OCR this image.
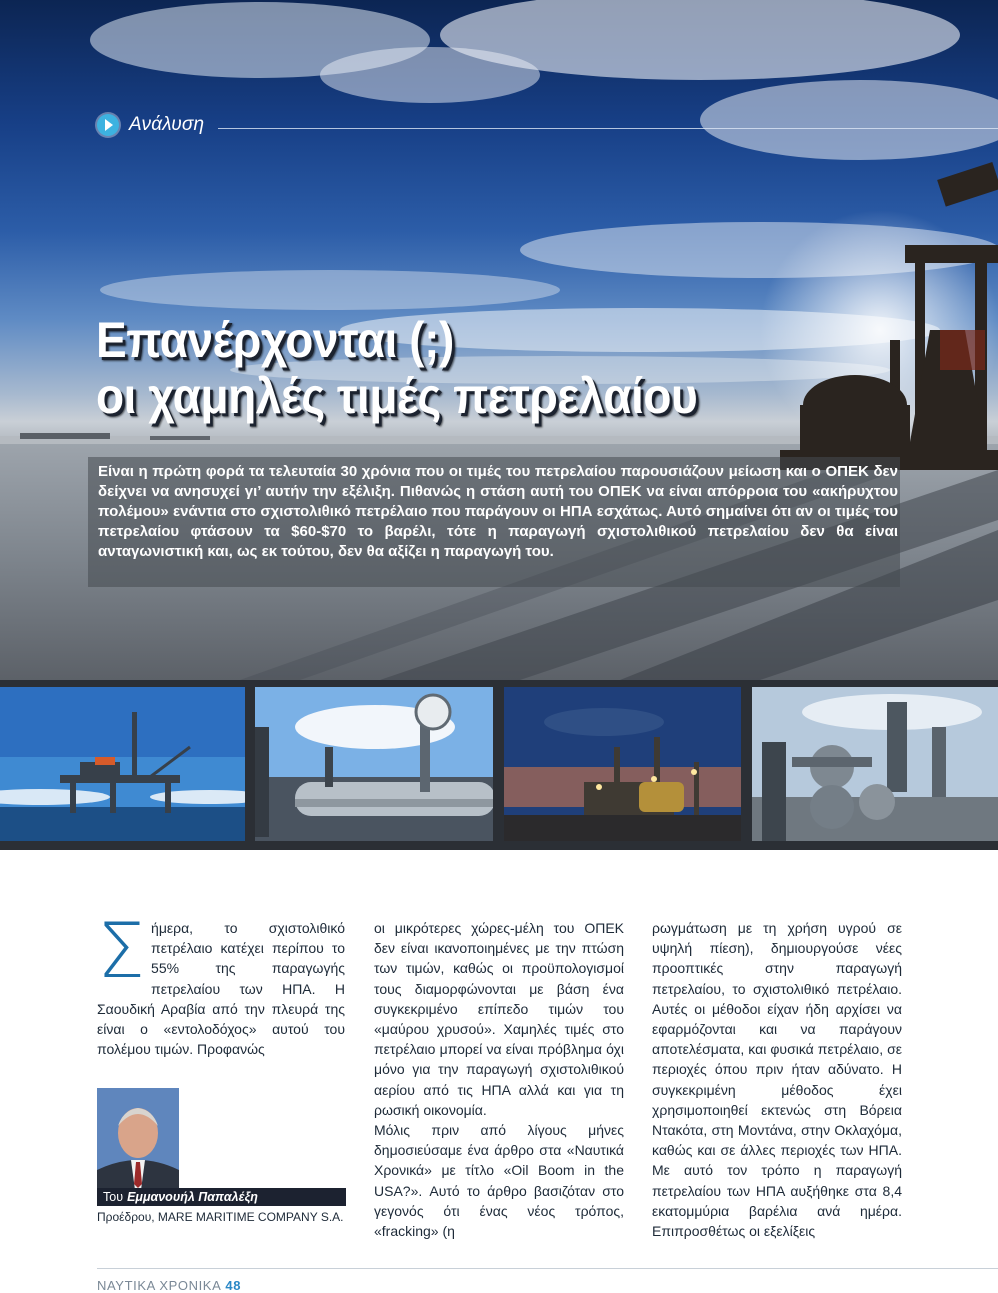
Ανάλυση
Επανέρχονται (;)
οι χαμηλές τιμές πετρελαίου

Είναι η πρώτη φορά τα τελευταία 30 χρόνια που οι τιμές του πετρελαίου παρουσιάζουν μείωση και ο ΟΠΕΚ δεν δείχνει να ανησυχεί γι’ αυτήν την εξέλιξη. Πιθανώς η στάση αυτή του ΟΠΕΚ να είναι απόρροια του «ακήρυχτου πολέμου» ενάντια στο σχιστολιθικό πετρέλαιο που παράγουν οι ΗΠΑ εσχάτως. Αυτό σημαίνει ότι αν οι τιμές του πετρελαίου φτάσουν τα $60-$70 το βαρέλι, τότε η παραγωγή σχιστολιθικού πετρελαίου δεν θα είναι ανταγωνιστική και, ως εκ τούτου, δεν θα αξίζει η παραγωγή του.

Σ ήμερα, το σχιστολιθικό πετρέλαιο κατέχει περίπου το 55% της παραγωγής πετρελαίου των ΗΠΑ. Η Σαουδική Αραβία από την πλευρά της είναι ο «εντολοδόχος» αυτού του πολέμου τιμών. Προφανώς
οι μικρότερες χώρες-μέλη του ΟΠΕΚ δεν είναι ικανοποιημένες με την πτώση των τιμών, καθώς οι προϋπολογισμοί τους διαμορφώνονται με βάση ένα συγκεκριμένο επίπεδο τιμών του «μαύρου χρυσού». Χαμηλές τιμές στο πετρέλαιο μπορεί να είναι πρόβλημα όχι μόνο για την παραγωγή σχιστολιθικού αερίου από τις ΗΠΑ αλλά και για τη ρωσική οικονομία.
Μόλις πριν από λίγους μήνες δημοσιεύσαμε ένα άρθρο στα «Ναυτικά Χρονικά» με τίτλο «Oil Boom in the USA?». Αυτό το άρθρο βασιζόταν στο γεγονός ότι ένας νέος τρόπος, «fracking» (η
ρωγμάτωση με τη χρήση υγρού σε υψηλή πίεση), δημιουργούσε νέες προοπτικές στην παραγωγή πετρελαίου, το σχιστολιθικό πετρέλαιο. Αυτές οι μέθοδοι είχαν ήδη αρχίσει να εφαρμόζονται και να παράγουν αποτελέσματα, και φυσικά πετρέλαιο, σε περιοχές όπου πριν ήταν αδύνατο. Η συγκεκριμένη μέθοδος έχει χρησιμοποιηθεί εκτενώς στη Βόρεια Ντακότα, στη Μοντάνα, στην Οκλαχόμα, καθώς και σε άλλες περιοχές των ΗΠΑ. Με αυτό τον τρόπο η παραγωγή πετρελαίου των ΗΠΑ αυξήθηκε στα 8,4 εκατομμύρια βαρέλια ανά ημέρα. Επιπροσθέτως οι εξελίξεις
Του Εμμανουήλ Παπαλέξη
Προέδρου, MARE MARITIME COMPANY S.A.
ΝΑΥΤΙΚΑ ΧΡΟΝΙΚΑ 48
